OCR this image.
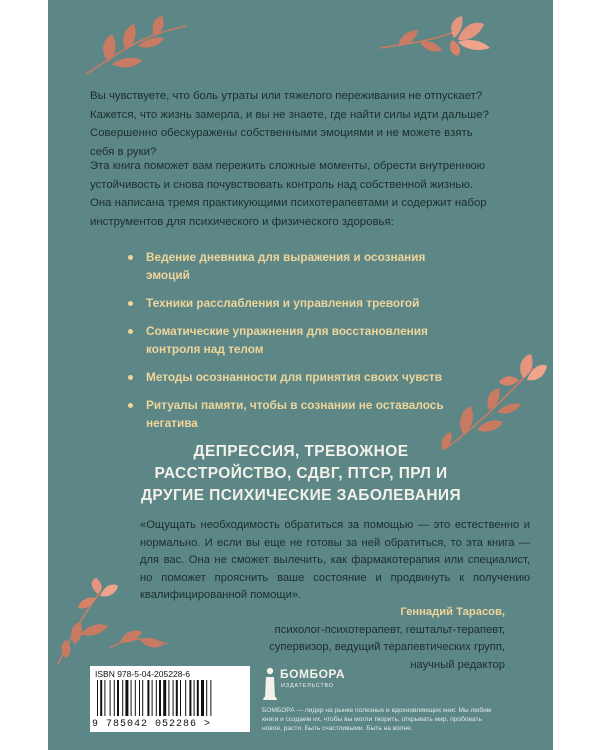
Вы чувствуете, что боль утраты или тяжелого переживания не отпускает? Кажется, что жизнь замерла, и вы не знаете, где найти силы идти дальше? Совершенно обескуражены собственными эмоциями и не можете взять себя в руки?

Эта книга поможет вам пережить сложные моменты, обрести внутреннюю устойчивость и снова почувствовать контроль над собственной жизнью. Она написана тремя практикующими психотерапевтами и содержит набор инструментов для психического и физического здоровья:

Ведение дневника для выражения и осознания эмоций
Техники расслабления и управления тревогой
Соматические упражнения для восстановления контроля над телом
Методы осознанности для принятия своих чувств
Ритуалы памяти, чтобы в сознании не оставалось негатива

ДЕПРЕССИЯ, ТРЕВОЖНОЕ РАССТРОЙСТВО, СДВГ, ПТСР, ПРЛ И ДРУГИЕ ПСИХИЧЕСКИЕ ЗАБОЛЕВАНИЯ

«Ощущать необходимость обратиться за помощью — это естественно и нормально. И если вы еще не готовы за ней обратиться, то эта книга — для вас. Она не сможет вылечить, как фармакотерапия или специалист, но поможет прояснить ваше состояние и продвинуть к получению квалифицированной помощи».

Геннадий Тарасов,
психолог-психотерапевт, гештальт-терапевт,
супервизор, ведущий терапевтических групп,
научный редактор
ISBN 978-5-04-205228-6
9 785042 052286 >
БОМБОРА
ИЗДАТЕЛЬСТВО

БОМБОРА — лидер на рынке полезных и вдохновляющих книг. Мы любим книги и создаем их, чтобы вы могли творить, открывать мир, пробовать новое, расти. Быть счастливыми. Быть на волне.
